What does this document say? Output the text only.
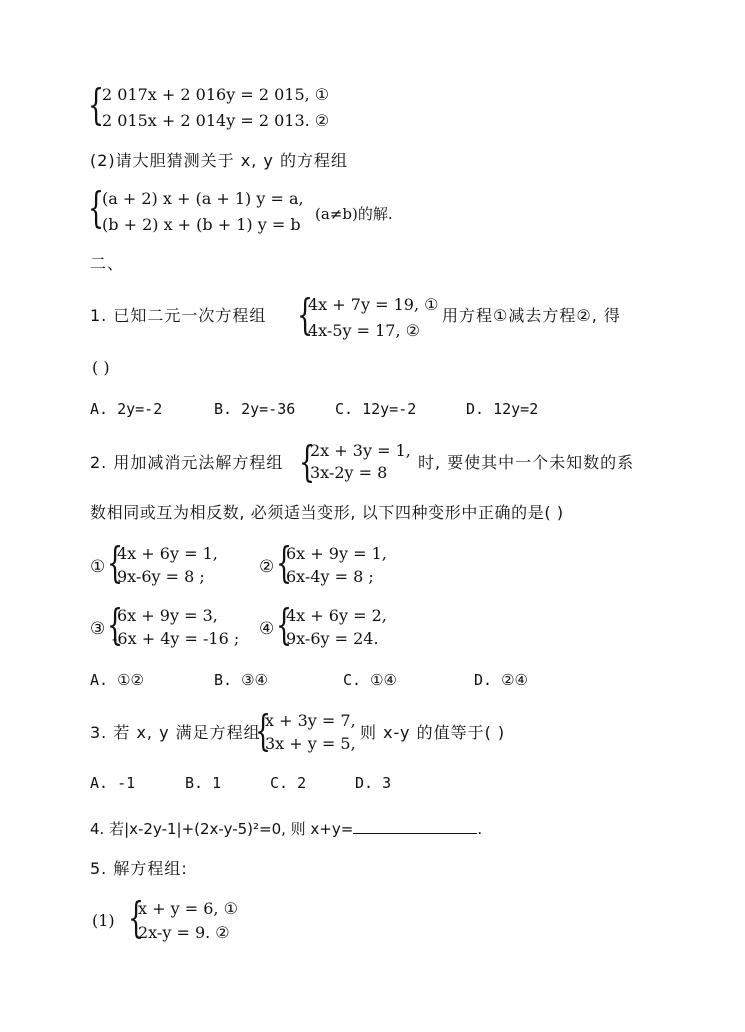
{
2 017x + 2 016y = 2 015, ①
2 015x + 2 014y = 2 013. ②
(2)请大胆猜测关于 x, y 的方程组
{
(a + 2) x + (a + 1) y = a,
(b + 2) x + (b + 1) y = b
(a≠b)的解.
二、
1. 已知二元一次方程组 {
4x + 7y = 19, ①
4x-5y = 17, ②
用方程①减去方程②, 得
( )
A. 2y=-2	B. 2y=-36	C. 12y=-2	D. 12y=2
2. 用加减消元法解方程组 {
2x + 3y = 1,
3x-2y = 8
时, 要使其中一个未知数的系
数相同或互为相反数, 必须适当变形, 以下四种变形中正确的是( )
① {
4x + 6y = 1,
9x-6y = 8 ;	② {
6x + 9y = 1,
6x-4y = 8 ;
③ {
6x + 9y = 3,
-6x + 4y = -16 ; ④ {
4x + 6y = 2,
9x-6y = 24.
A. ①②	B. ③④	C. ①④	D. ②④
3. 若 x, y 满足方程组
{
x + 3y = 7,
3x + y = 5,
则 x-y 的值等于( )
A. -1	B. 1	C. 2	D. 3
4. 若|x-2y-1|+(2x-y-5)²=0, 则 x+y=	.
5. 解方程组:
(1) {
x + y = 6, ①
2x-y = 9. ②
